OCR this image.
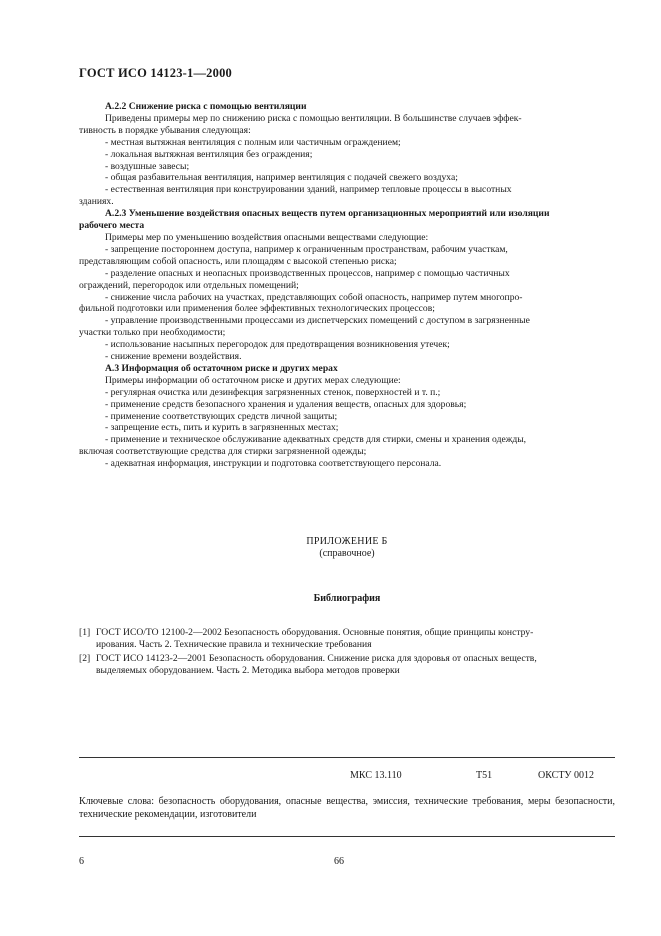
ГОСТ ИСО 14123-1—2000

А.2.2 Снижение риска с помощью вентиляции

Приведены примеры мер по снижению риска с помощью вентиляции. В большинстве случаев эффек-

тивность в порядке убывания следующая:

- местная вытяжная вентиляция с полным или частичным ограждением;

- локальная вытяжная вентиляция без ограждения;

- воздушные завесы;

- общая разбавительная вентиляция, например вентиляция с подачей свежего воздуха;

- естественная вентиляция при конструировании зданий, например тепловые процессы в высотных

зданиях.

А.2.3 Уменьшение воздействия опасных веществ путем организационных мероприятий или изоляции

рабочего места

Примеры мер по уменьшению воздействия опасными веществами следующие:

- запрещение постороннем доступа, например к ограниченным пространствам, рабочим участкам,

представляющим собой опасность, или площадям с высокой степенью риска;

- разделение опасных и неопасных производственных процессов, например с помощью частичных

ограждений, перегородок или отдельных помещений;

- снижение числа рабочих на участках, представляющих собой опасность, например путем многопро-

фильной подготовки или применения более эффективных технологических процессов;

- управление производственными процессами из диспетчерских помещений с доступом в загрязненные

участки только при необходимости;

- использование насыпных перегородок для предотвращения возникновения утечек;

- снижение времени воздействия.

А.3 Информация об остаточном риске и других мерах

Примеры информации об остаточном риске и других мерах следующие:

- регулярная очистка или дезинфекция загрязненных стенок, поверхностей и т. п.;

- применение средств безопасного хранения и удаления веществ, опасных для здоровья;

- применение соответствующих средств личной защиты;

- запрещение есть, пить и курить в загрязненных местах;

- применение и техническое обслуживание адекватных средств для стирки, смены и хранения одежды,

включая соответствующие средства для стирки загрязненной одежды;

- адекватная информация, инструкции и подготовка соответствующего персонала.

ПРИЛОЖЕНИЕ Б
(справочное)
Библиография
[1] ГОСТ ИСО/ТО 12100-2—2002 Безопасность оборудования. Основные понятия, общие принципы констру-
ирования. Часть 2. Технические правила и технические требования
[2] ГОСТ ИСО 14123-2—2001 Безопасность оборудования. Снижение риска для здоровья от опасных веществ,
выделяемых оборудованием. Часть 2. Методика выбора методов проверки
МКС 13.110	Т51	ОКСТУ 0012
Ключевые слова: безопасность оборудования, опасные вещества, эмиссия, технические требования, меры безопасности, технические рекомендации, изготовители
6	66
